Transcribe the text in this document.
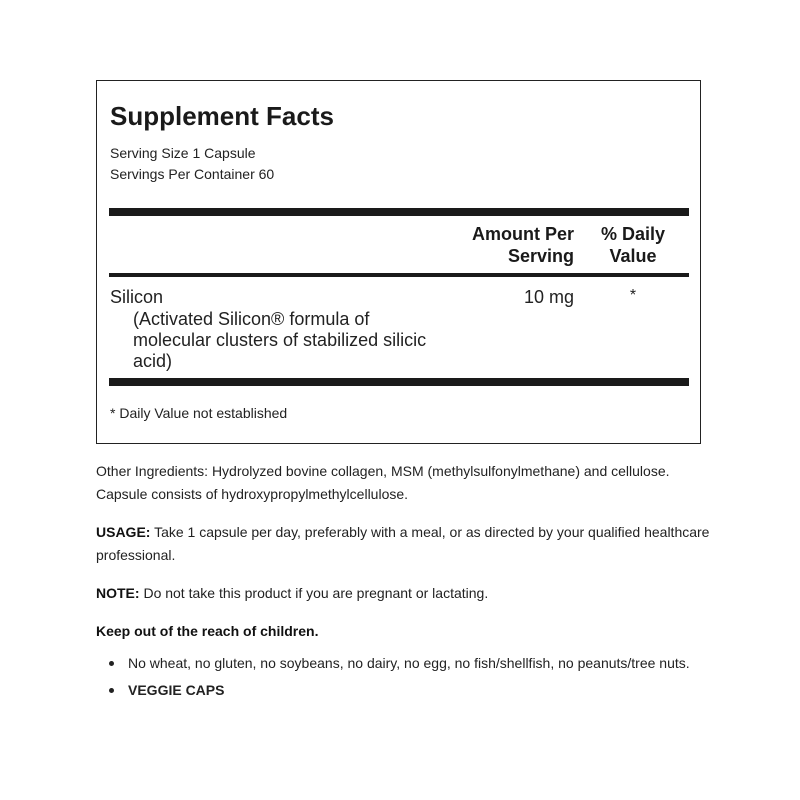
Supplement Facts
Serving Size 1 Capsule
Servings Per Container 60
Amount Per
Serving
% Daily
Value
Silicon
(Activated Silicon® formula of molecular clusters of stabilized silicic acid)
10 mg	*
* Daily Value not established
Other Ingredients: Hydrolyzed bovine collagen, MSM (methylsulfonylmethane) and cellulose. Capsule consists of hydroxypropylmethylcellulose.
USAGE: Take 1 capsule per day, preferably with a meal, or as directed by your qualified healthcare professional.
NOTE: Do not take this product if you are pregnant or lactating.
Keep out of the reach of children.
No wheat, no gluten, no soybeans, no dairy, no egg, no fish/shellfish, no peanuts/tree nuts.
VEGGIE CAPS
